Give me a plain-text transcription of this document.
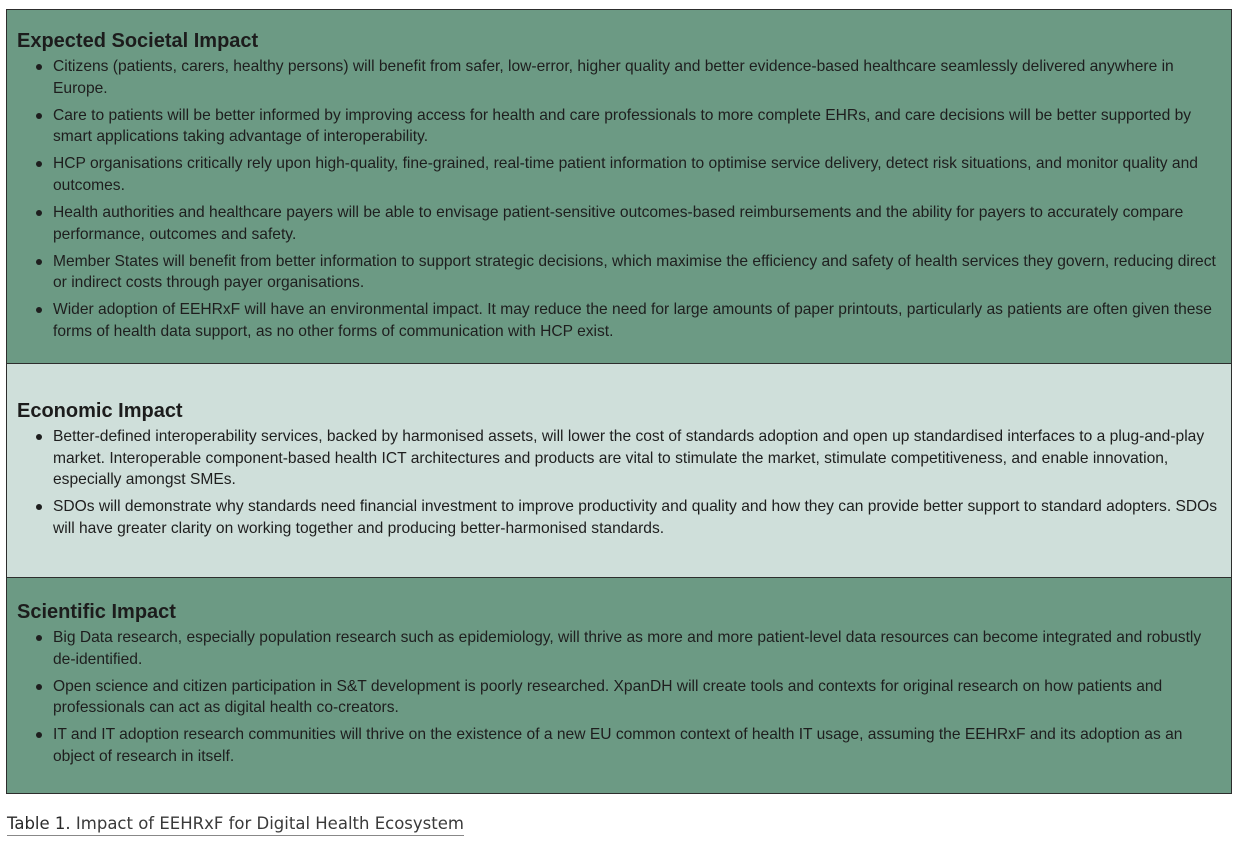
Expected Societal Impact
Citizens (patients, carers, healthy persons) will benefit from safer, low-error, higher quality and better evidence-based healthcare seamlessly delivered anywhere in Europe.
Care to patients will be better informed by improving access for health and care professionals to more complete EHRs, and care decisions will be better supported by smart applications taking advantage of interoperability.
HCP organisations critically rely upon high-quality, fine-grained, real-time patient information to optimise service delivery, detect risk situations, and monitor quality and outcomes.
Health authorities and healthcare payers will be able to envisage patient-sensitive outcomes-based reimbursements and the ability for payers to accurately compare performance, outcomes and safety.
Member States will benefit from better information to support strategic decisions, which maximise the efficiency and safety of health services they govern, reducing direct or indirect costs through payer organisations.
Wider adoption of EEHRxF will have an environmental impact. It may reduce the need for large amounts of paper printouts, particularly as patients are often given these forms of health data support, as no other forms of communication with HCP exist.

Economic Impact
Better-defined interoperability services, backed by harmonised assets, will lower the cost of standards adoption and open up standardised interfaces to a plug-and-play market. Interoperable component-based health ICT architectures and products are vital to stimulate the market, stimulate competitiveness, and enable innovation, especially amongst SMEs.
SDOs will demonstrate why standards need financial investment to improve productivity and quality and how they can provide better support to standard adopters. SDOs will have greater clarity on working together and producing better-harmonised standards.

Scientific Impact
Big Data research, especially population research such as epidemiology, will thrive as more and more patient-level data resources can become integrated and robustly de-identified.
Open science and citizen participation in S&T development is poorly researched. XpanDH will create tools and contexts for original research on how patients and professionals can act as digital health co-creators.
IT and IT adoption research communities will thrive on the existence of a new EU common context of health IT usage, assuming the EEHRxF and its adoption as an object of research in itself.
Table 1. Impact of EEHRxF for Digital Health Ecosystem
